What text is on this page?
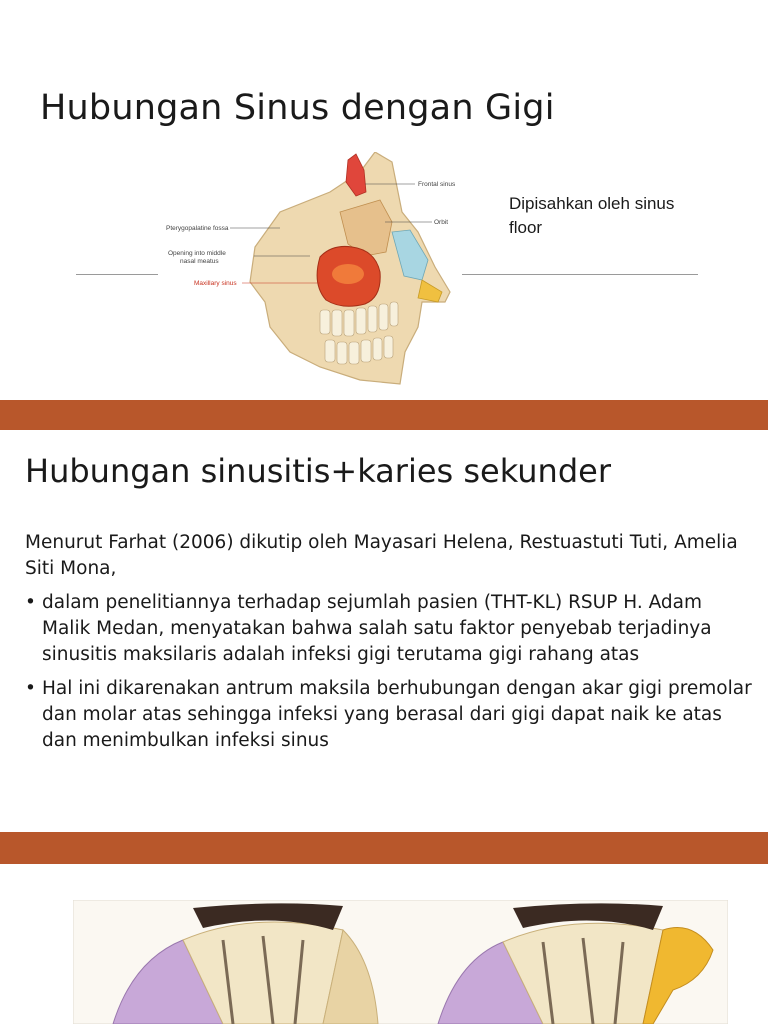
Hubungan Sinus dengan Gigi
Frontal sinus
Orbit
Pterygopalatine fossa
Opening into middle
nasal meatus
Maxillary sinus
Dipisahkan oleh sinus floor
Hubungan sinusitis+karies sekunder

Menurut Farhat (2006) dikutip oleh Mayasari Helena, Restuastuti Tuti, Amelia Siti Mona,

• dalam penelitiannya terhadap sejumlah pasien (THT-KL) RSUP H. Adam Malik Medan, menyatakan bahwa salah satu faktor penyebab terjadinya sinusitis maksilaris adalah infeksi gigi terutama gigi rahang atas
• Hal ini dikarenakan antrum maksila berhubungan dengan akar gigi premolar dan molar atas sehingga infeksi yang berasal dari gigi dapat naik ke atas dan menimbulkan infeksi sinus
